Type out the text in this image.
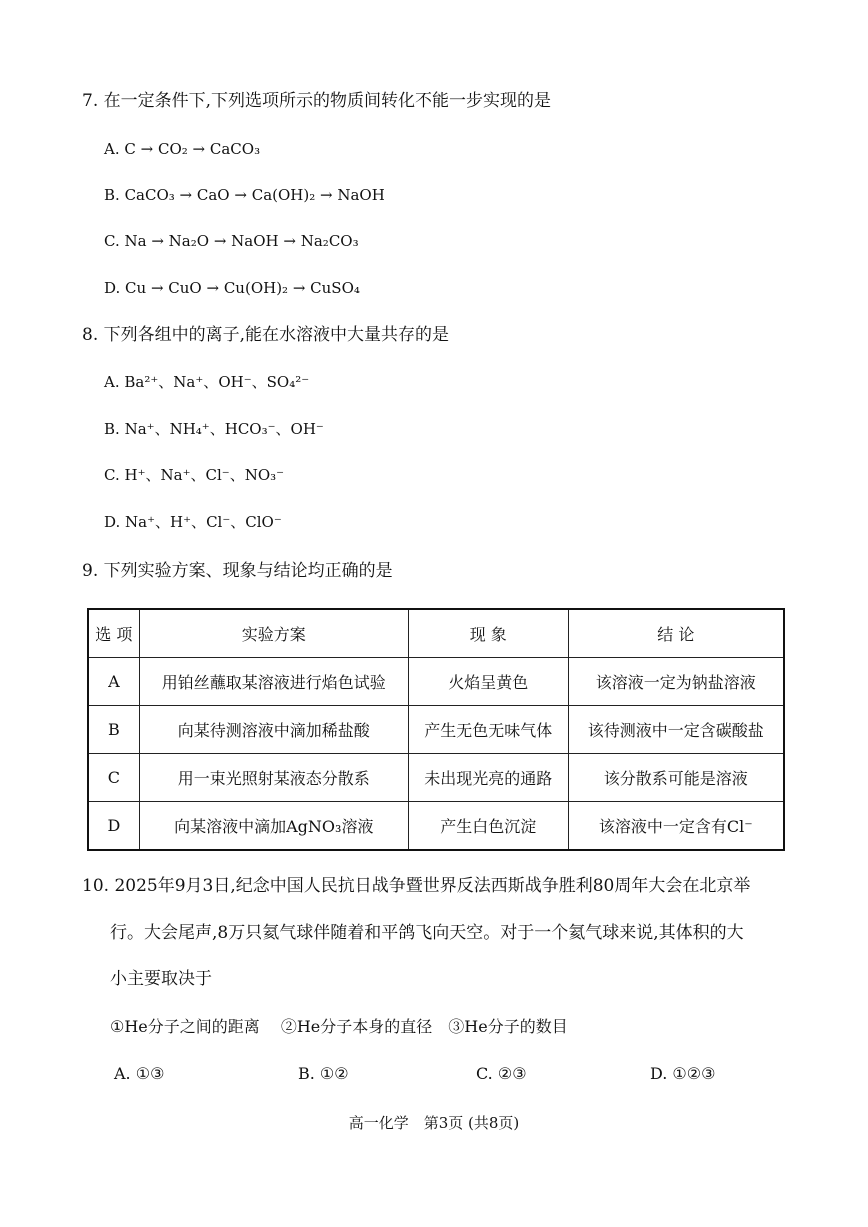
7. 在一定条件下,下列选项所示的物质间转化不能一步实现的是
A. C → CO₂ → CaCO₃
B. CaCO₃ → CaO → Ca(OH)₂ → NaOH
C. Na → Na₂O → NaOH → Na₂CO₃
D. Cu → CuO → Cu(OH)₂ → CuSO₄
8. 下列各组中的离子,能在水溶液中大量共存的是
A. Ba²⁺、Na⁺、OH⁻、SO₄²⁻
B. Na⁺、NH₄⁺、HCO₃⁻、OH⁻
C. H⁺、Na⁺、Cl⁻、NO₃⁻
D. Na⁺、H⁺、Cl⁻、ClO⁻
9. 下列实验方案、现象与结论均正确的是
选 项	实验方案	现 象	结 论
A	用铂丝蘸取某溶液进行焰色试验	火焰呈黄色	该溶液一定为钠盐溶液
B	向某待测溶液中滴加稀盐酸	产生无色无味气体	该待测液中一定含碳酸盐
C	用一束光照射某液态分散系	未出现光亮的通路	该分散系可能是溶液
D	向某溶液中滴加AgNO₃溶液	产生白色沉淀	该溶液中一定含有Cl⁻
10. 2025年9月3日,纪念中国人民抗日战争暨世界反法西斯战争胜利80周年大会在北京举
行。大会尾声,8万只氦气球伴随着和平鸽飞向天空。对于一个氦气球来说,其体积的大
小主要取决于
①He分子之间的距离　 ②He分子本身的直径　③He分子的数目
A. ①③	B. ①②	C. ②③	D. ①②③
高一化学　第3页 (共8页)
